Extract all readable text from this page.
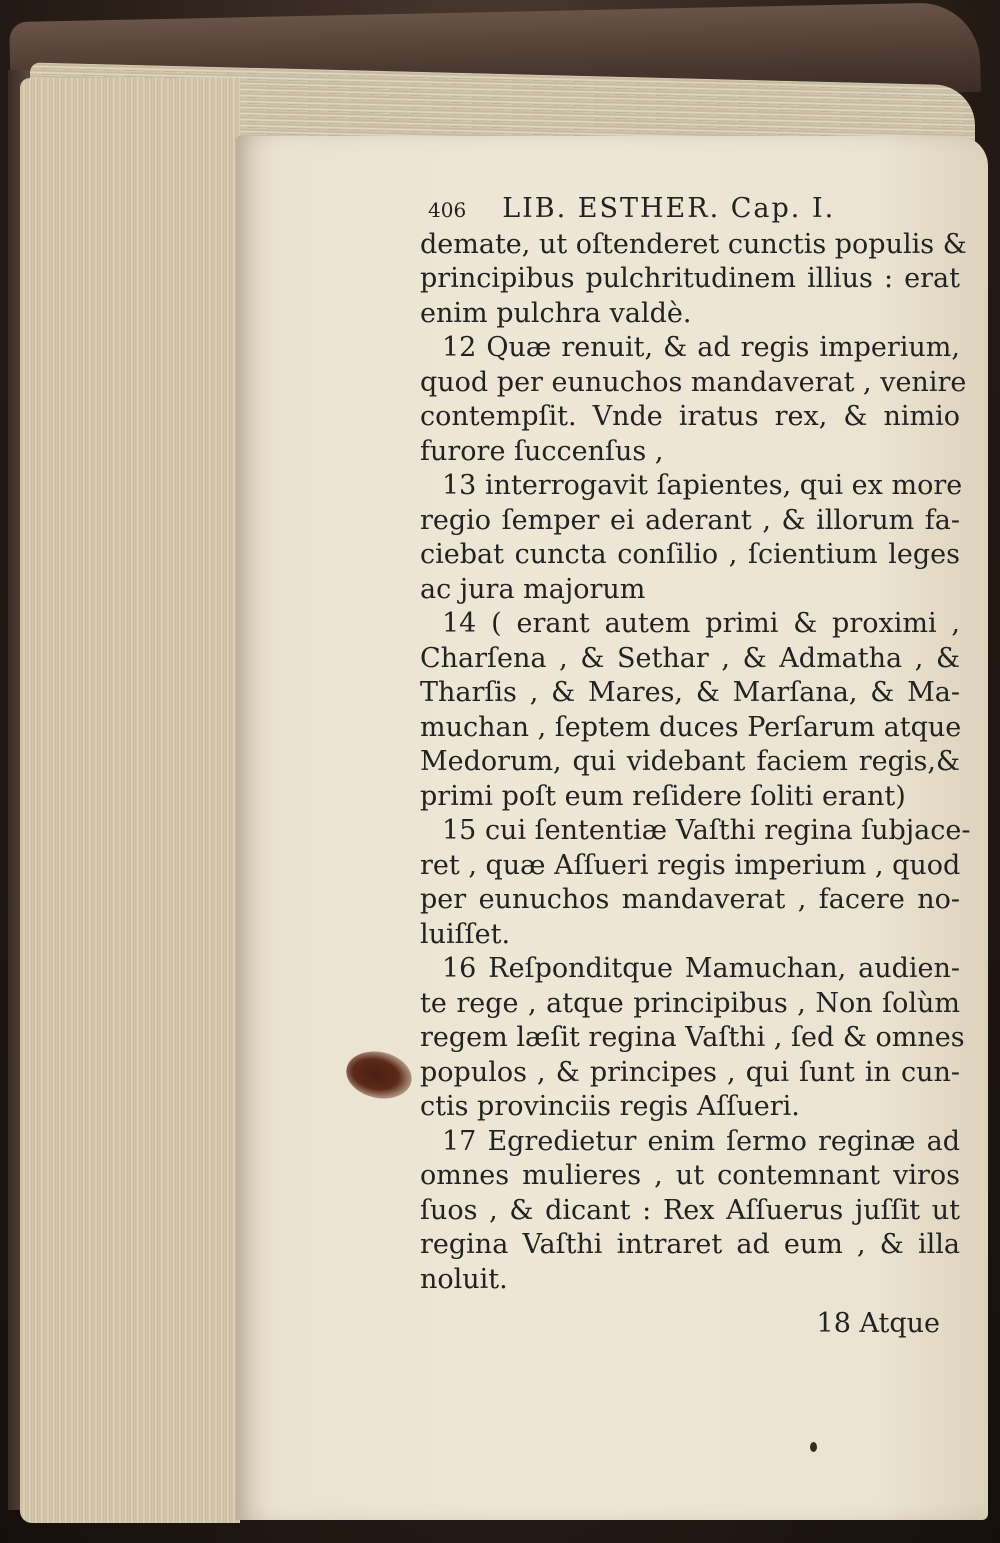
406 LIB. ESTHER. Cap. I.
demate, ut oſtenderet cunctis populis &
principibus pulchritudinem illius : erat
enim pulchra valdè.
12 Quæ renuit, & ad regis imperium,
quod per eunuchos mandaverat , venire
contempſit. Vnde iratus rex, & nimio
furore ſuccenſus ,
13 interrogavit ſapientes, qui ex more
regio ſemper ei aderant , & illorum fa-
ciebat cuncta conſilio , ſcientium leges
ac jura majorum
14 ( erant autem primi & proximi ,
Charſena , & Sethar , & Admatha , &
Tharſis , & Mares, & Marſana, & Ma-
muchan , ſeptem duces Perſarum atque
Medorum, qui videbant faciem regis,&
primi poſt eum reſidere ſoliti erant)
15 cui ſententiæ Vaſthi regina ſubjace-
ret , quæ Aſſueri regis imperium , quod
per eunuchos mandaverat , facere no-
luiſſet.
16 Reſponditque Mamuchan, audien-
te rege , atque principibus , Non ſolùm
regem læſit regina Vaſthi , ſed & omnes
populos , & principes , qui ſunt in cun-
ctis provinciis regis Aſſueri.
17 Egredietur enim ſermo reginæ ad
omnes mulieres , ut contemnant viros
ſuos , & dicant : Rex Aſſuerus juſſit ut
regina Vaſthi intraret ad eum , & illa
noluit.
18 Atque
